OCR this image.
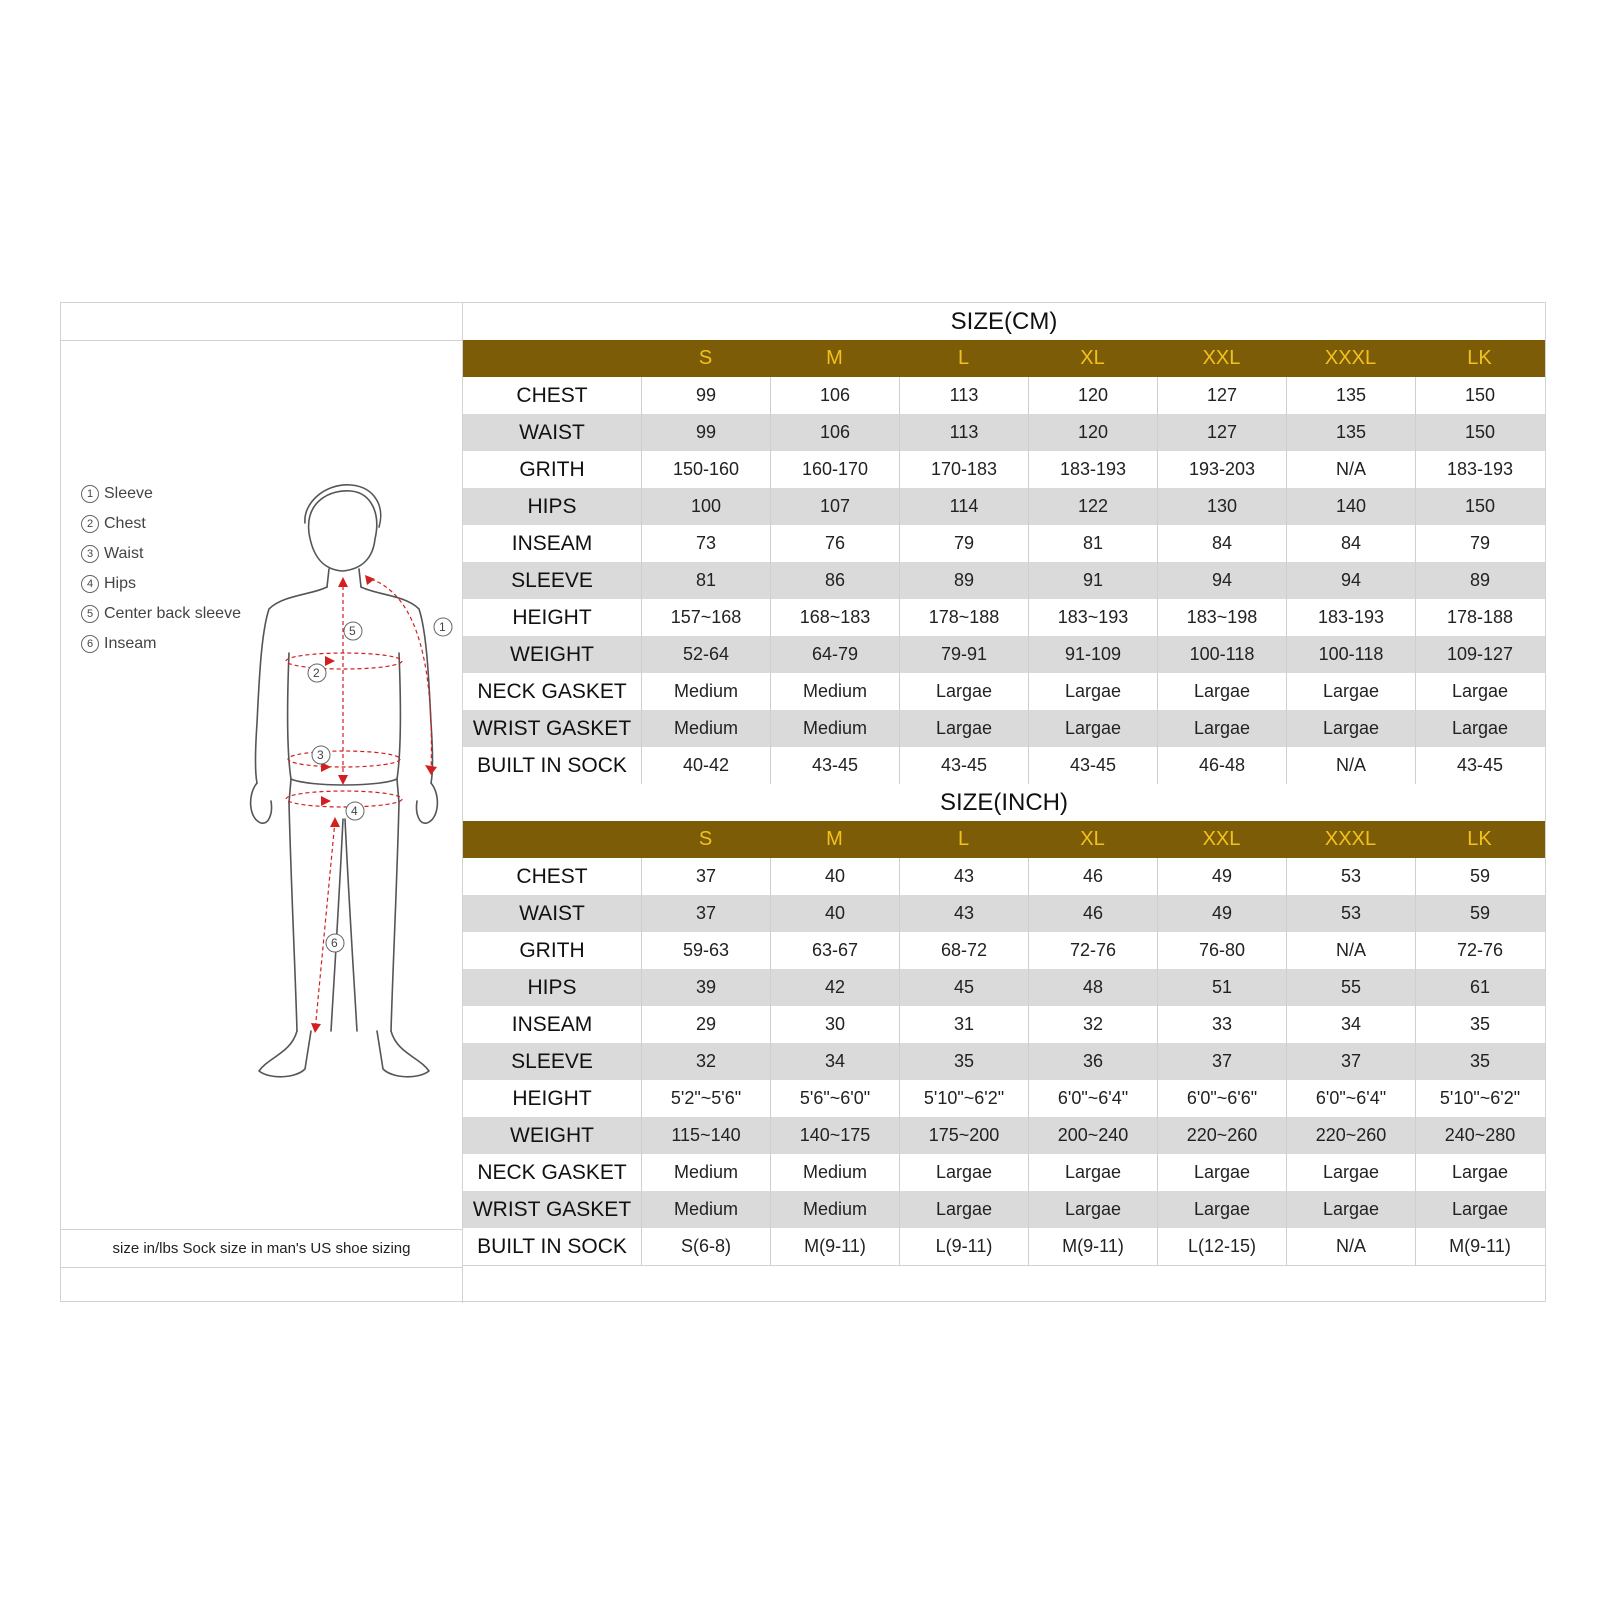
1 Sleeve
2 Chest
3 Waist
4 Hips
5 Center back sleeve
6 Inseam
1
2
3
4
5
6
size in/lbs Sock size in man's US shoe sizing
SIZE(CM)
S	M	L	XL	XXL	XXXL	LK
CHEST	99	106	113	120	127	135	150
WAIST	99	106	113	120	127	135	150
GRITH	150-160	160-170	170-183	183-193	193-203	N/A	183-193
HIPS	100	107	114	122	130	140	150
INSEAM	73	76	79	81	84	84	79
SLEEVE	81	86	89	91	94	94	89
HEIGHT	157~168	168~183	178~188	183~193	183~198	183-193	178-188
WEIGHT	52-64	64-79	79-91	91-109	100-118	100-118	109-127
NECK GASKET	Medium	Medium	Largae	Largae	Largae	Largae	Largae
WRIST GASKET	Medium	Medium	Largae	Largae	Largae	Largae	Largae
BUILT IN SOCK	40-42	43-45	43-45	43-45	46-48	N/A	43-45
SIZE(INCH)
S	M	L	XL	XXL	XXXL	LK
CHEST	37	40	43	46	49	53	59
WAIST	37	40	43	46	49	53	59
GRITH	59-63	63-67	68-72	72-76	76-80	N/A	72-76
HIPS	39	42	45	48	51	55	61
INSEAM	29	30	31	32	33	34	35
SLEEVE	32	34	35	36	37	37	35
HEIGHT	5'2"~5'6"	5'6"~6'0"	5'10"~6'2"	6'0"~6'4"	6'0"~6'6"	6'0"~6'4"	5'10"~6'2"
WEIGHT	115~140	140~175	175~200	200~240	220~260	220~260	240~280
NECK GASKET	Medium	Medium	Largae	Largae	Largae	Largae	Largae
WRIST GASKET	Medium	Medium	Largae	Largae	Largae	Largae	Largae
BUILT IN SOCK	S(6-8)	M(9-11)	L(9-11)	M(9-11)	L(12-15)	N/A	M(9-11)
